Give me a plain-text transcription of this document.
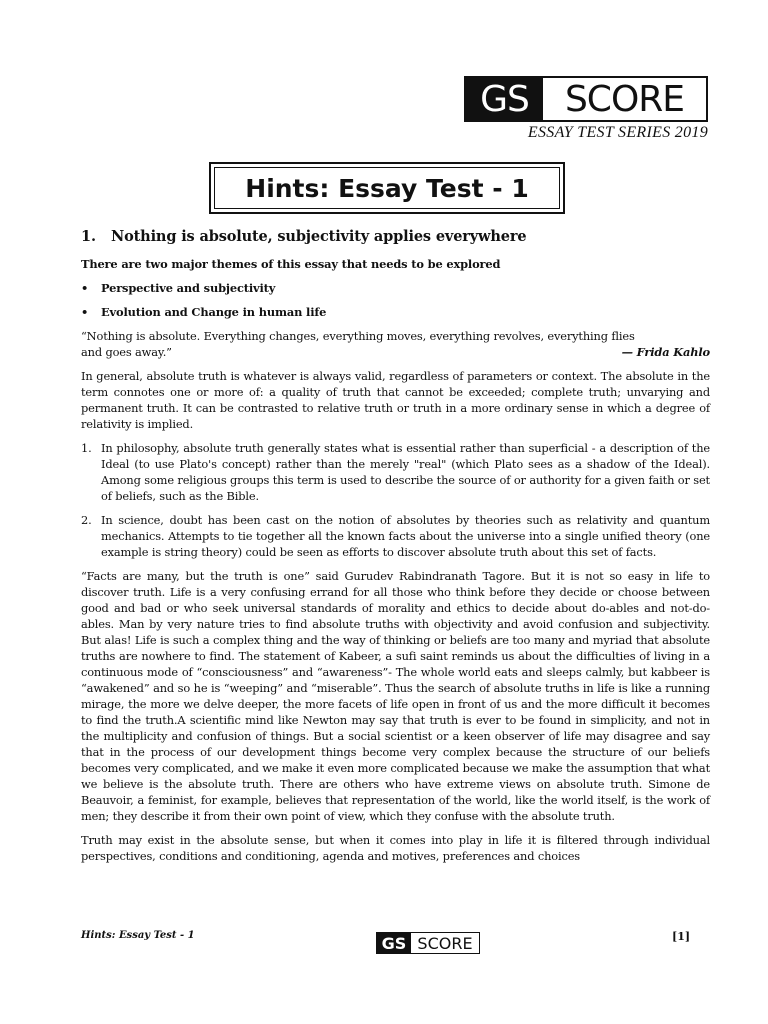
GS	SCORE
ESSAY TEST SERIES 2019
Hints: Essay Test - 1
1. Nothing is absolute, subjectivity applies everywhere
There are two major themes of this essay that needs to be explored
•	Perspective and subjectivity
•	Evolution and Change in human life
“Nothing is absolute. Everything changes, everything moves, everything revolves, everything flies
and goes away.”	— Frida Kahlo

In general, absolute truth is whatever is always valid, regardless of parameters or context. The absolute in the term connotes one or more of: a quality of truth that cannot be exceeded; complete truth; unvarying and permanent truth. It can be contrasted to relative truth or truth in a more ordinary sense in which a degree of relativity is implied.

1. In philosophy, absolute truth generally states what is essential rather than superficial - a description of the Ideal (to use Plato's concept) rather than the merely "real" (which Plato sees as a shadow of the Ideal). Among some religious groups this term is used to describe the source of or authority for a given faith or set of beliefs, such as the Bible.
2. In science, doubt has been cast on the notion of absolutes by theories such as relativity and quantum mechanics. Attempts to tie together all the known facts about the universe into a single unified theory (one example is string theory) could be seen as efforts to discover absolute truth about this set of facts.

“Facts are many, but the truth is one” said Gurudev Rabindranath Tagore. But it is not so easy in life to discover truth. Life is a very confusing errand for all those who think before they decide or choose between good and bad or who seek universal standards of morality and ethics to decide about do-ables and not-do-ables. Man by very nature tries to find absolute truths with objectivity and avoid confusion and subjectivity. But alas! Life is such a complex thing and the way of thinking or beliefs are too many and myriad that absolute truths are nowhere to find. The statement of Kabeer, a sufi saint reminds us about the difficulties of living in a continuous mode of “consciousness” and “awareness”- The whole world eats and sleeps calmly, but kabbeer is “awakened” and so he is “weeping” and “miserable”. Thus the search of absolute truths in life is like a running mirage, the more we delve deeper, the more facets of life open in front of us and the more difficult it becomes to find the truth.A scientific mind like Newton may say that truth is ever to be found in simplicity, and not in the multiplicity and confusion of things. But a social scientist or a keen observer of life may disagree and say that in the process of our development things become very complex because the structure of our beliefs becomes very complicated, and we make it even more complicated because we make the assumption that what we believe is the absolute truth. There are others who have extreme views on absolute truth. Simone de Beauvoir, a feminist, for example, believes that representation of the world, like the world itself, is the work of men; they describe it from their own point of view, which they confuse with the absolute truth.

Truth may exist in the absolute sense, but when it comes into play in life it is filtered through individual perspectives, conditions and conditioning, agenda and motives, preferences and choices

Hints: Essay Test - 1	GS SCORE	[1]
